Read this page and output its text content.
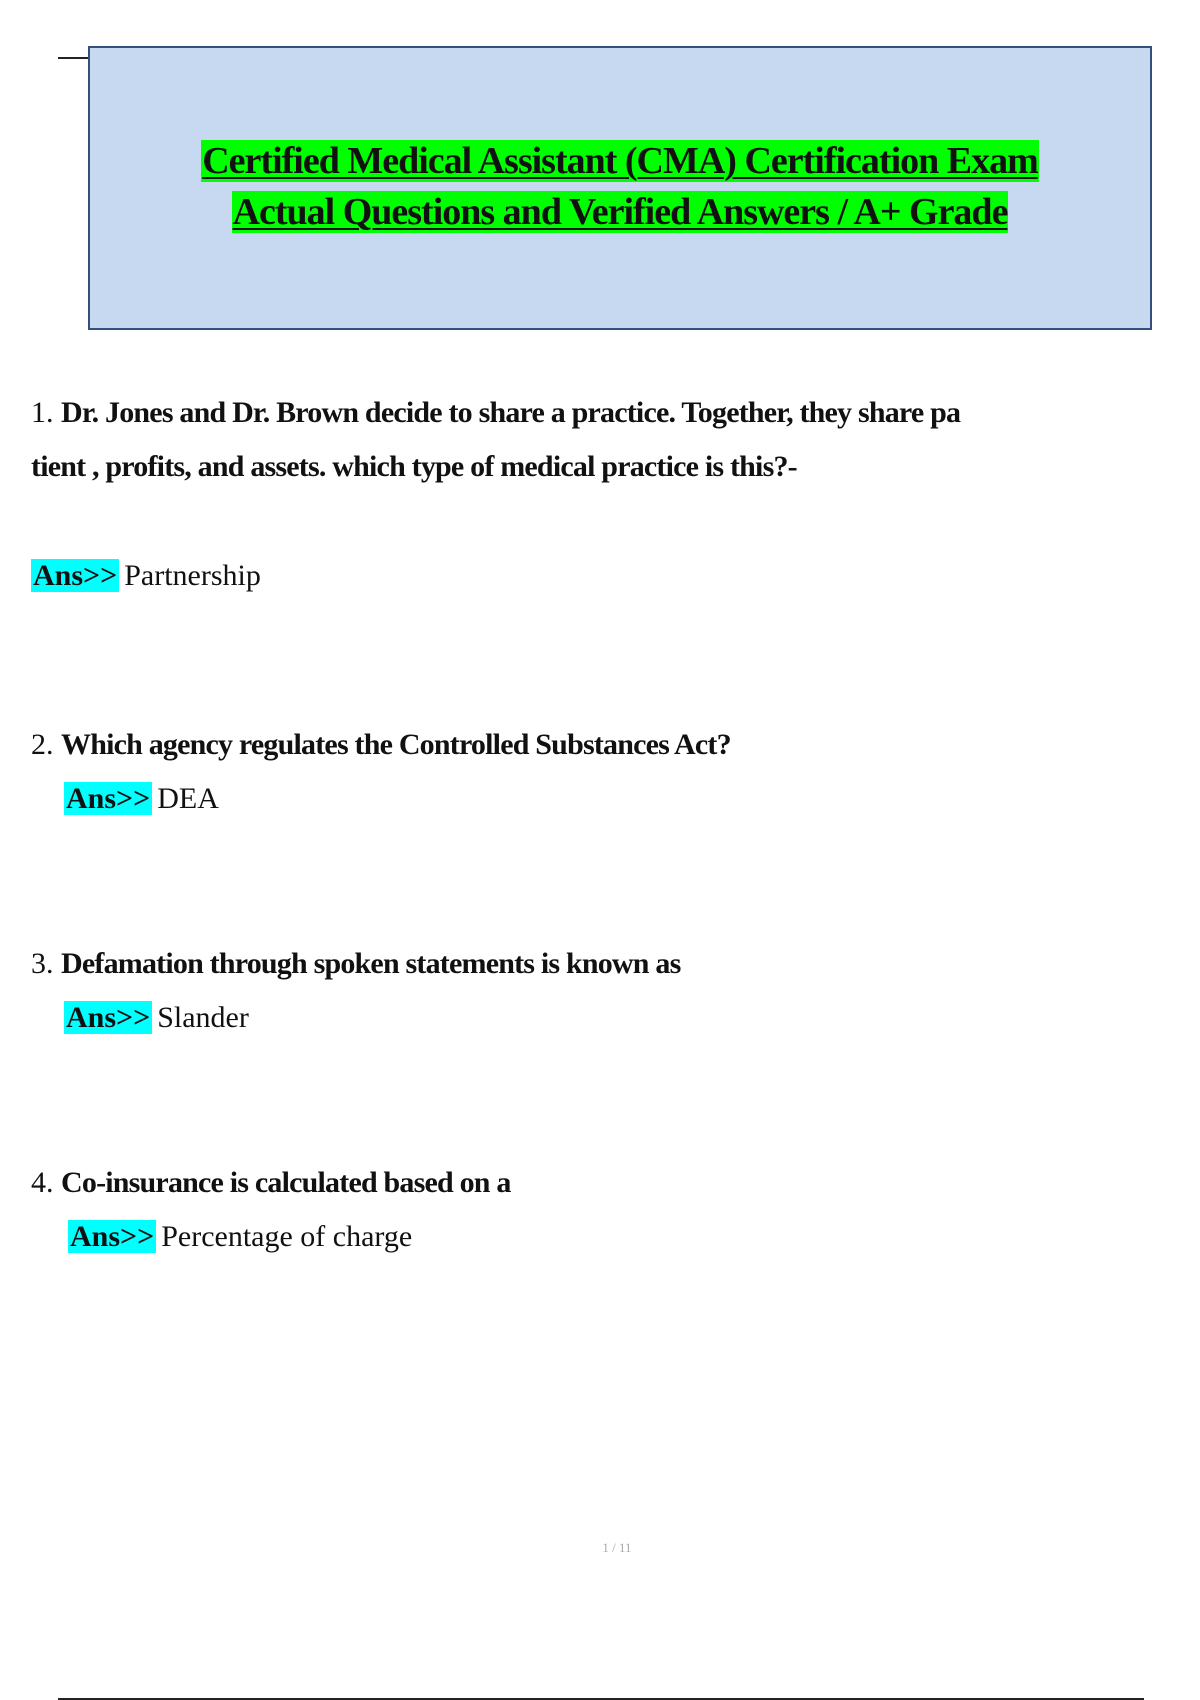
Certified Medical Assistant (CMA) Certification Exam
Actual Questions and Verified Answers / A+ Grade
1. Dr. Jones and Dr. Brown decide to share a practice. Together, they share pa
tient , profits, and assets. which type of medical practice is this?-
Ans>> Partnership
2. Which agency regulates the Controlled Substances Act?
Ans>> DEA
3. Defamation through spoken statements is known as
Ans>> Slander
4. Co-insurance is calculated based on a
Ans>> Percentage of charge
1 / 11
